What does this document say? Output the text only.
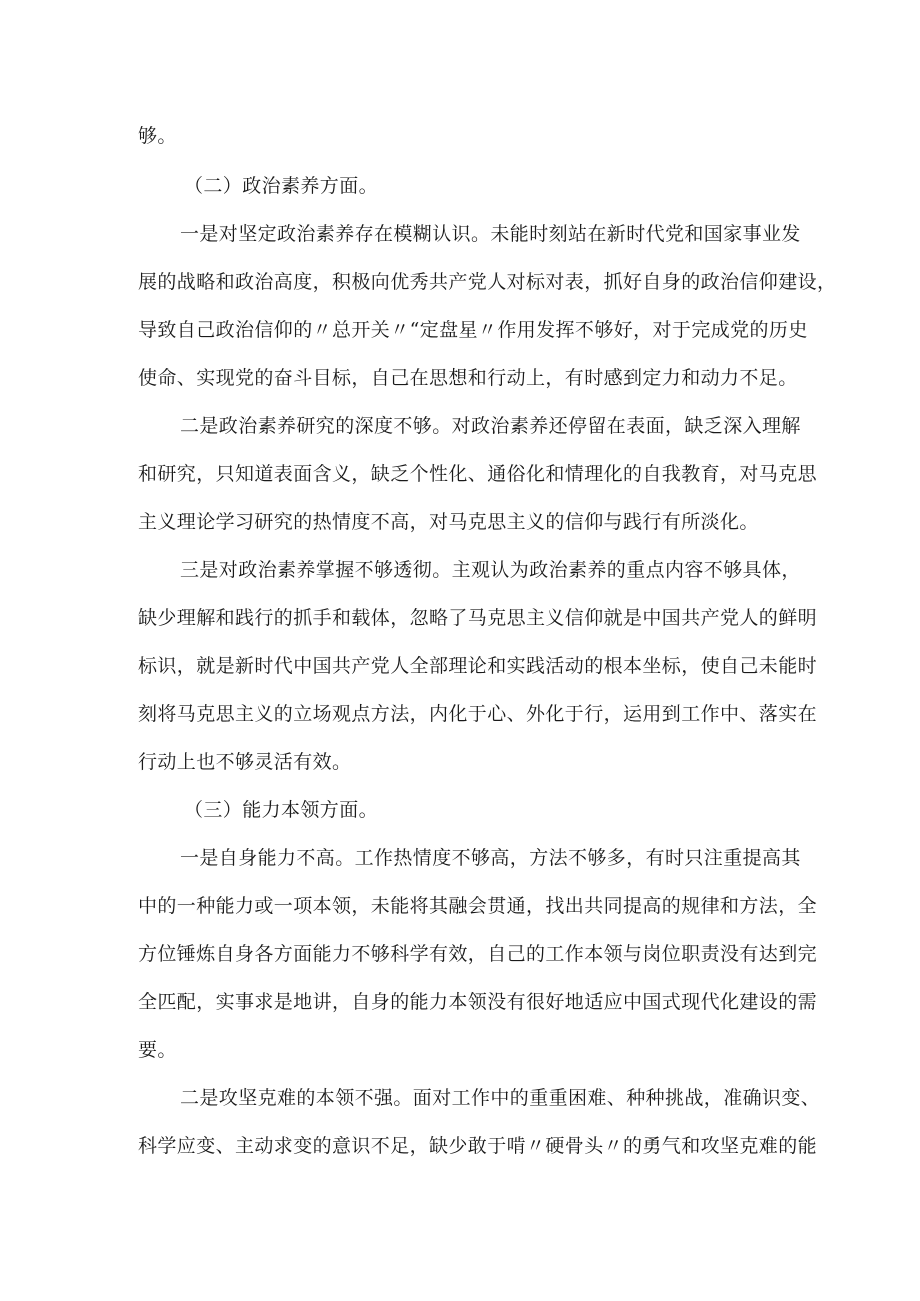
够。
（二）政治素养方面。
一是对坚定政治素养存在模糊认识。未能时刻站在新时代党和国家事业发
展的战略和政治高度，积极向优秀共产党人对标对表，抓好自身的政治信仰建设，
导致自己政治信仰的〃总开关〃“定盘星〃作用发挥不够好，对于完成党的历史
使命、实现党的奋斗目标，自己在思想和行动上，有时感到定力和动力不足。
二是政治素养研究的深度不够。对政治素养还停留在表面，缺乏深入理解
和研究，只知道表面含义，缺乏个性化、通俗化和情理化的自我教育，对马克思
主义理论学习研究的热情度不高，对马克思主义的信仰与践行有所淡化。
三是对政治素养掌握不够透彻。主观认为政治素养的重点内容不够具体，
缺少理解和践行的抓手和载体，忽略了马克思主义信仰就是中国共产党人的鲜明
标识，就是新时代中国共产党人全部理论和实践活动的根本坐标，使自己未能时
刻将马克思主义的立场观点方法，内化于心、外化于行，运用到工作中、落实在
行动上也不够灵活有效。
（三）能力本领方面。
一是自身能力不高。工作热情度不够高，方法不够多，有时只注重提高其
中的一种能力或一项本领，未能将其融会贯通，找出共同提高的规律和方法，全
方位锤炼自身各方面能力不够科学有效，自己的工作本领与岗位职责没有达到完
全匹配，实事求是地讲，自身的能力本领没有很好地适应中国式现代化建设的需
要。
二是攻坚克难的本领不强。面对工作中的重重困难、种种挑战，准确识变、
科学应变、主动求变的意识不足，缺少敢于啃〃硬骨头〃的勇气和攻坚克难的能
